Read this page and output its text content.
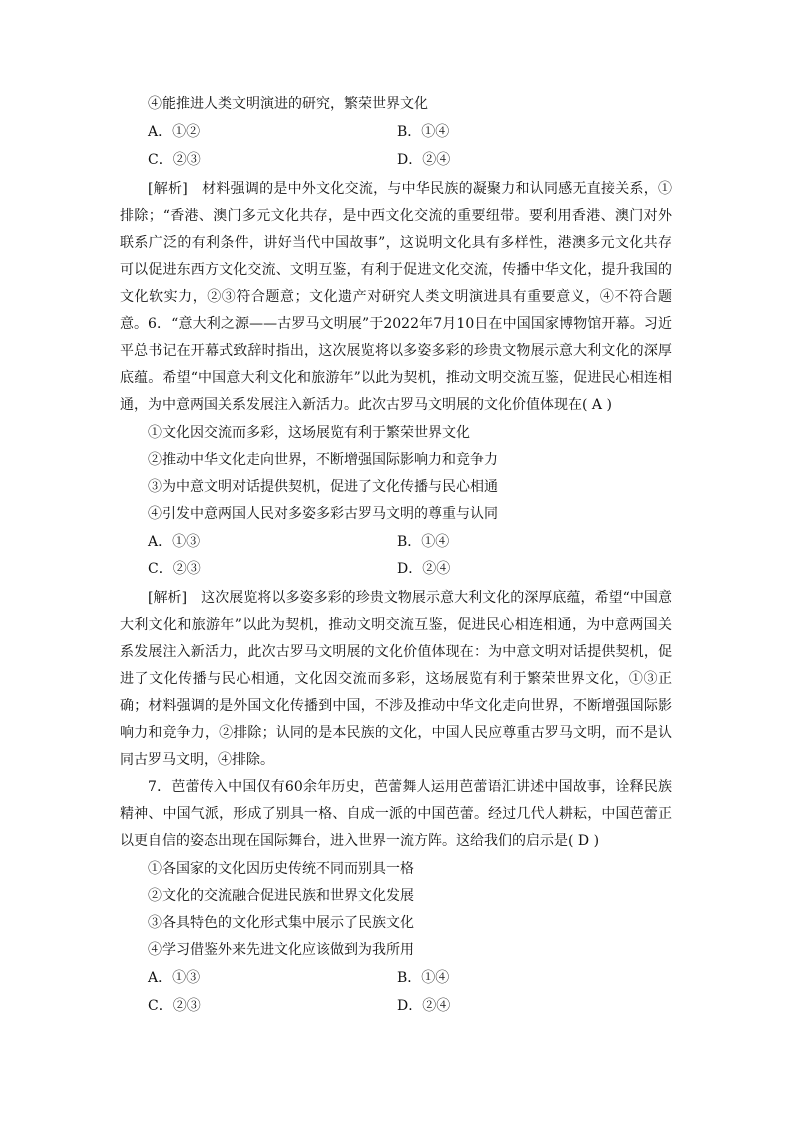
④能推进人类文明演进的研究，繁荣世界文化
A．①②	B．①④
C．②③	D．②④
[解析]　材料强调的是中外文化交流，与中华民族的凝聚力和认同感无直接关系，①排除；“香港、澳门多元文化共存，是中西文化交流的重要纽带。要利用香港、澳门对外联系广泛的有利条件，讲好当代中国故事”，这说明文化具有多样性，港澳多元文化共存可以促进东西方文化交流、文明互鉴，有利于促进文化交流，传播中华文化，提升我国的文化软实力，②③符合题意；文化遗产对研究人类文明演进具有重要意义，④不符合题意。 6．“意大利之源——古罗马文明展”于2022年7月10日在中国国家博物馆开幕。习近平总书记在开幕式致辞时指出，这次展览将以多姿多彩的珍贵文物展示意大利文化的深厚底蕴。希望“中国意大利文化和旅游年”以此为契机，推动文明交流互鉴，促进民心相连相通，为中意两国关系发展注入新活力。此次古罗马文明展的文化价值体现在( A )
①文化因交流而多彩，这场展览有利于繁荣世界文化
②推动中华文化走向世界，不断增强国际影响力和竞争力
③为中意文明对话提供契机，促进了文化传播与民心相通
④引发中意两国人民对多姿多彩古罗马文明的尊重与认同
A．①③	B．①④
C．②③	D．②④
[解析]　这次展览将以多姿多彩的珍贵文物展示意大利文化的深厚底蕴，希望“中国意大利文化和旅游年”以此为契机，推动文明交流互鉴，促进民心相连相通，为中意两国关系发展注入新活力，此次古罗马文明展的文化价值体现在：为中意文明对话提供契机，促进了文化传播与民心相通，文化因交流而多彩，这场展览有利于繁荣世界文化，①③正确；材料强调的是外国文化传播到中国，不涉及推动中华文化走向世界，不断增强国际影响力和竞争力，②排除；认同的是本民族的文化，中国人民应尊重古罗马文明，而不是认同古罗马文明，④排除。
7．芭蕾传入中国仅有60余年历史，芭蕾舞人运用芭蕾语汇讲述中国故事，诠释民族精神、中国气派，形成了别具一格、自成一派的中国芭蕾。经过几代人耕耘，中国芭蕾正以更自信的姿态出现在国际舞台，进入世界一流方阵。这给我们的启示是( D )
①各国家的文化因历史传统不同而别具一格
②文化的交流融合促进民族和世界文化发展
③各具特色的文化形式集中展示了民族文化
④学习借鉴外来先进文化应该做到为我所用
A．①③	B．①④
C．②③	D．②④
